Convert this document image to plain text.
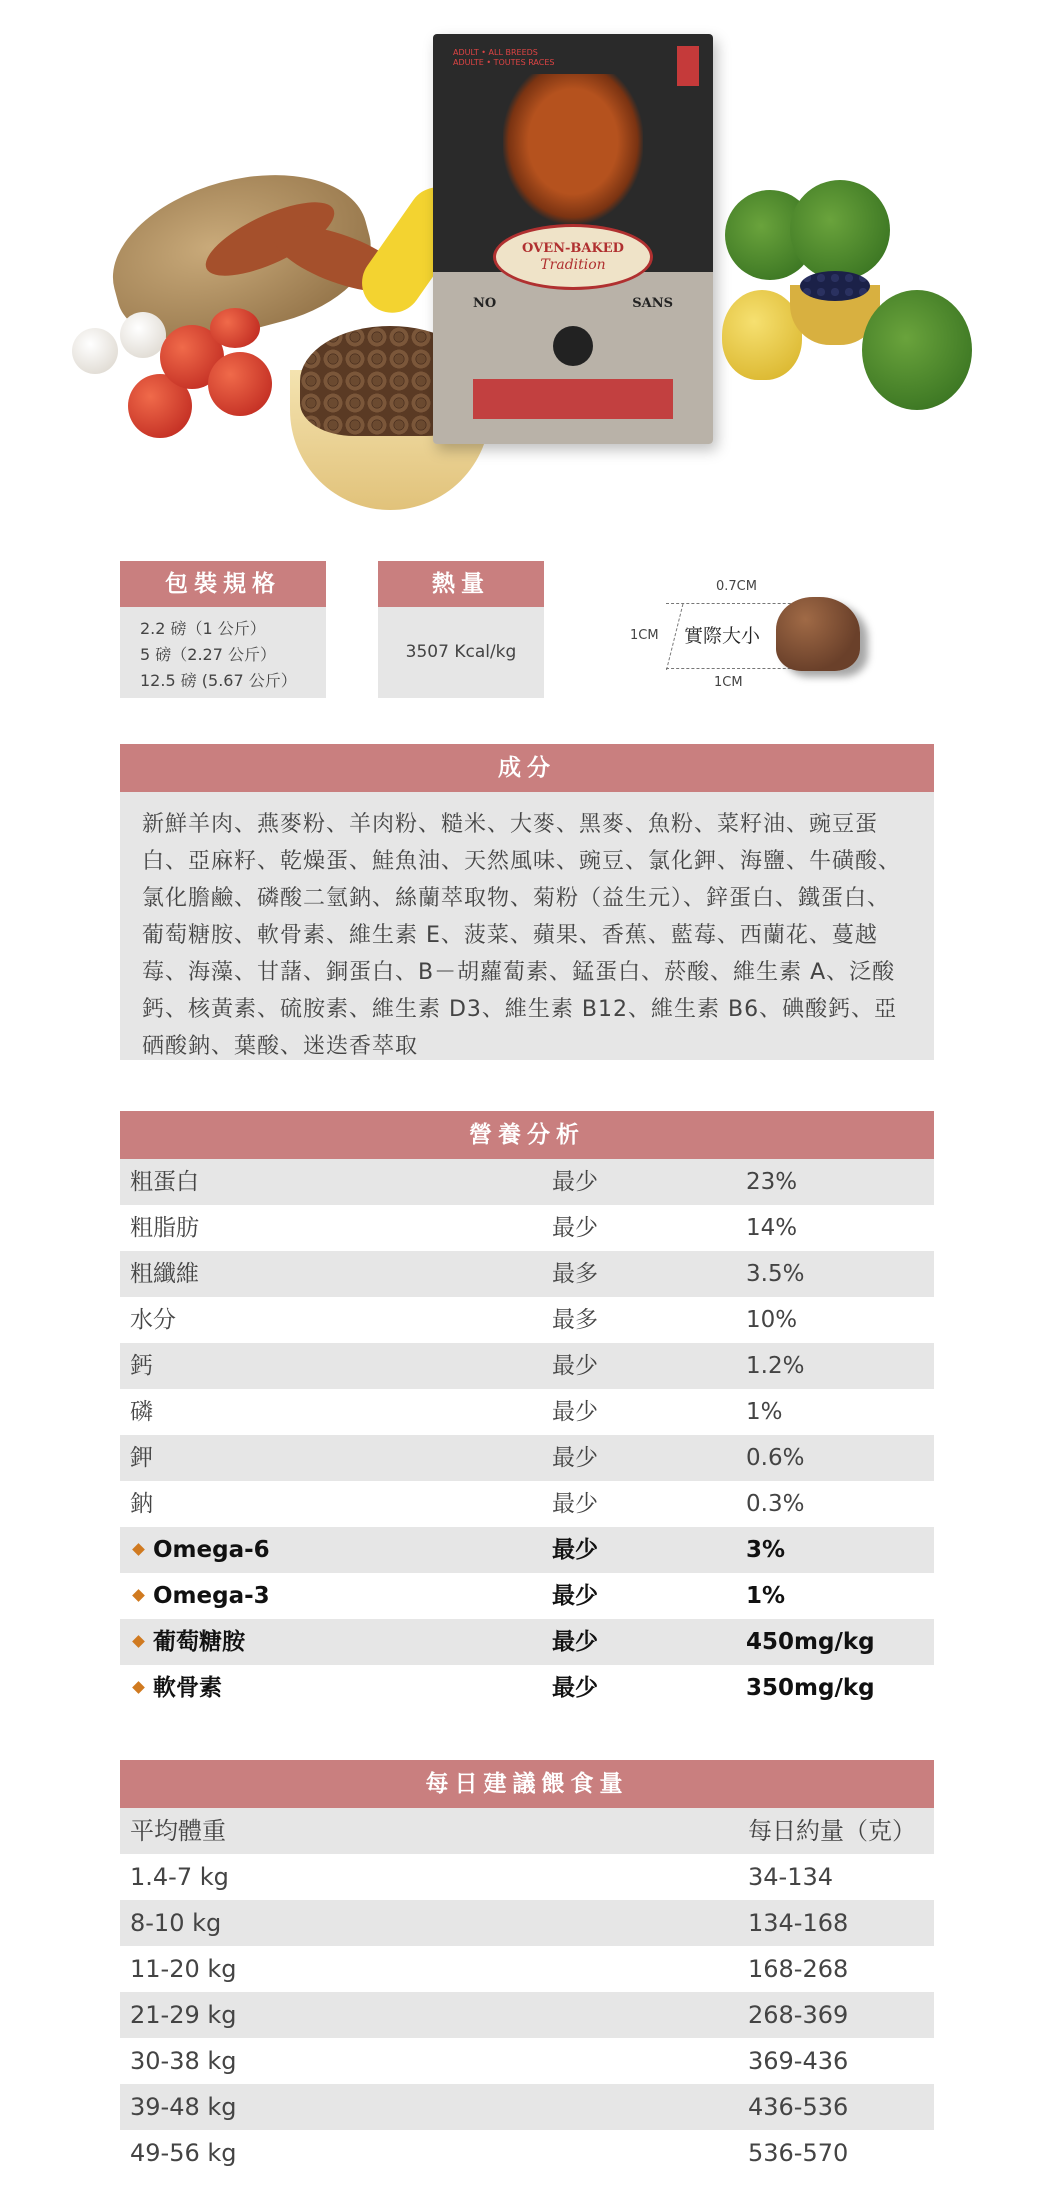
ADULT • ALL BREEDS
ADULTE • TOUTES RACES
OVEN-BAKED
Tradition
NO	SANS
包裝規格
2.2 磅（1 公斤）
5 磅（2.27 公斤）
12.5 磅 (5.67 公斤）
熱量
3507 Kcal/kg
0.7CM
1CM
1CM
實際大小
成分
新鮮羊肉、燕麥粉、羊肉粉、糙米、大麥、黑麥、魚粉、菜籽油、豌豆蛋白、亞麻籽、乾燥蛋、鮭魚油、天然風味、豌豆、氯化鉀、海鹽、牛磺酸、氯化膽鹼、磷酸二氫鈉、絲蘭萃取物、菊粉（益生元）、鋅蛋白、鐵蛋白、葡萄糖胺、軟骨素、維生素 E、菠菜、蘋果、香蕉、藍莓、西蘭花、蔓越莓、海藻、甘藷、銅蛋白、B－胡蘿蔔素、錳蛋白、菸酸、維生素 A、泛酸鈣、核黃素、硫胺素、維生素 D3、維生素 B12、維生素 B6、碘酸鈣、亞硒酸鈉、葉酸、迷迭香萃取
營養分析
粗蛋白	最少	23%
粗脂肪	最少	14%
粗纖維	最多	3.5%
水分	最多	10%
鈣	最少	1.2%
磷	最少	1%
鉀	最少	0.6%
鈉	最少	0.3%
Omega-6	最少	3%
Omega-3	最少	1%
葡萄糖胺	最少	450mg/kg
軟骨素	最少	350mg/kg
每日建議餵食量
平均體重	每日約量（克）
1.4-7 kg	34-134
8-10 kg	134-168
11-20 kg	168-268
21-29 kg	268-369
30-38 kg	369-436
39-48 kg	436-536
49-56 kg	536-570
